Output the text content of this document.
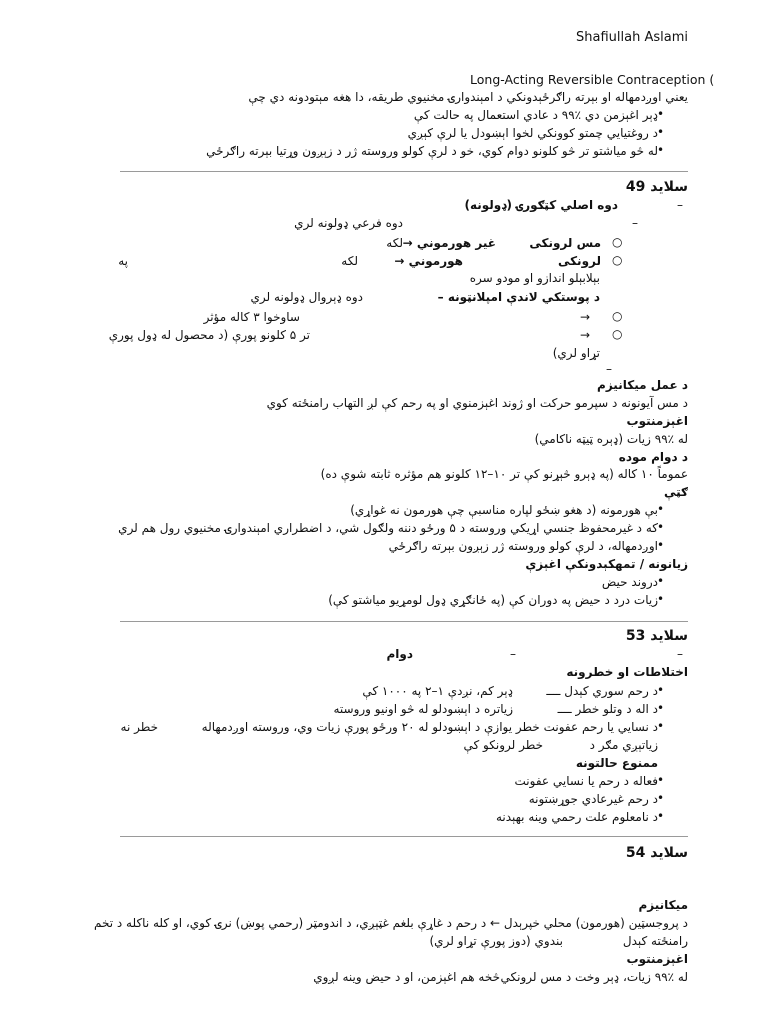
Shafiullah Aslami
Long-Acting Reversible Contraception (
یعني اوږدمهاله او بېرته راګرځېدونکي د امېندوارۍ مخنیوي طریقه، دا هغه مېتودونه دي چې
ډېر اغېزمن دي ٪۹۹ د عادي استعمال په حالت کې •
د روغتیایي چمتو کوونکي لخوا اېښودل یا لرې کېږي •
له څو میاشتو تر څو کلونو دوام کوي، خو د لرې کولو وروسته ژر د زېږون وړتیا بېرته راګرځي •
سلاید 49
دوه اصلي کټګورۍ (ډولونه)	–
–
دوه فرعي ډولونه لري
لکه غیر هورموني →	مس لرونکی ○
لکه	هورموني →	لرونکی
په	○
بېلابېلو اندازو او مودو سره
دوه ډېروال ډولونه لري	د پوستکي لاندې امپلانټونه –
ساوخوا ۳ کاله مؤثر	→ ○
تر ۵ کلونو پورې (د محصول له ډول پورې	→ ○
تړاو لري)
–
د عمل میکانیزم
د مس آیونونه د سپرمو حرکت او ژوند اغېزمنوي او په رحم کې لږ التهاب رامنځته کوي
اغېزمنتوب
له ٪۹۹ زیات (ډېره ټیټه ناکامي)
د دوام موده
عموماً ۱۰ کاله (په ډېرو څېړنو کې تر ۱۰–۱۲ کلونو هم مؤثره ثابته شوې ده)
ګټې
بې هورمونه (د هغو ښځو لپاره مناسبې چې هورمون نه غواړي) •
که د غیرمحفوظ جنسي اړیکي وروسته د ۵ ورځو دننه ولګول شي، د اضطراري امېندوارۍ مخنیوي رول هم لري •
اوږدمهاله، د لرې کولو وروسته ژر زېږون بېرته راګرځي •
زیانونه / تمهکېدونکې اغېزې
دروند حیض •
زیات درد د حیض په دوران کې (په ځانګړي ډول لومړیو میاشتو کې) •
سلاید 53
–
–
دوام
اختلاطات او خطرونه
د رحم سوري کېدل ــــ
ډېر کم، نږدې ۱–۲ په ۱۰۰۰ کې	•
د اله د وتلو خطر ــــ
زیاتره د اېښودلو له څو اونیو وروسته	•
د نسایي یا رحم عفونت خطر یوازې د اېښودلو له ۲۰ ورځو پورې زیات وي، وروسته اوږدمهاله
خطر نه	•
زیاتېږي مګر د
خطر لرونکو کې
ممنوع حالتونه
فعاله د رحم یا نسایي عفونت •
د رحم غیرعادي جوړښتونه •
د نامعلوم علت رحمي وینه بهېدنه •
سلاید 54
میکانیزم
د پروجسټین (هورمون) محلي خپرېدل ← د رحم د غاړې بلغم غټېږي، د اندومټر (رحمي پوښ) نرۍ کوي، او کله ناکله د تخم
رامنځته کېدل
بندوي (دوز پورې تړاو لري)
اغېزمنتوب
له ٪۹۹ زیات، ډېر وخت د مس لرونکي
څخه هم اغېزمن، او د حیض وینه لږوي
